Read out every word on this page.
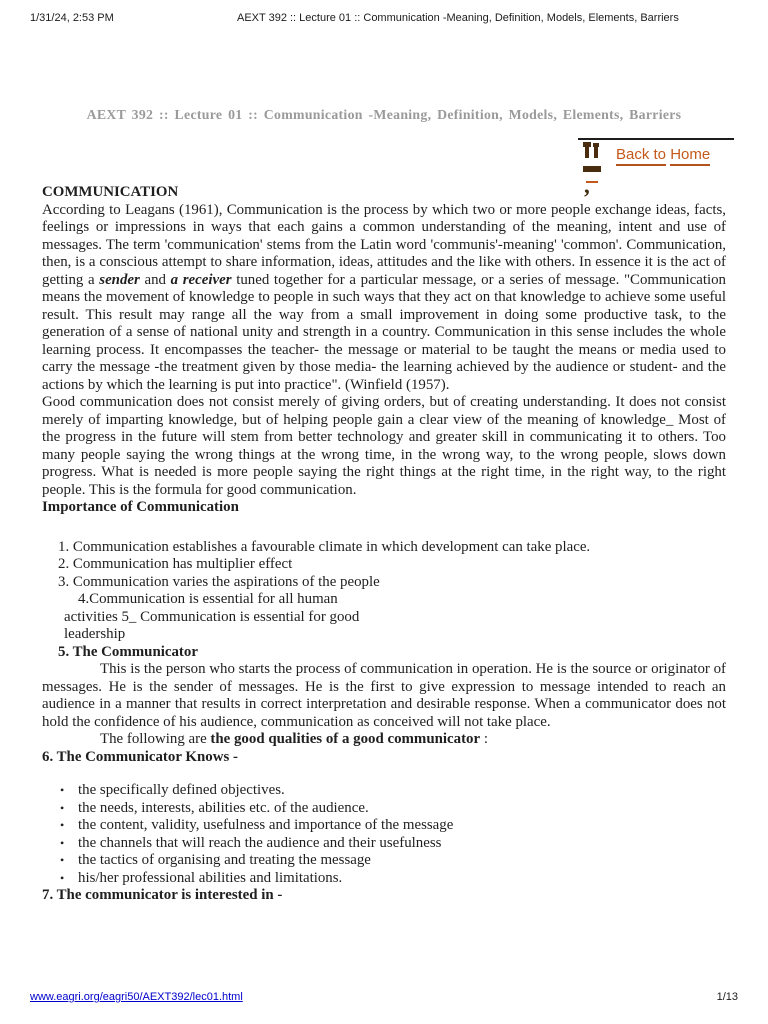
1/31/24, 2:53 PM	AEXT 392 :: Lecture 01 :: Communication -Meaning, Definition, Models, Elements, Barriers
AEXT 392 :: Lecture 01 :: Communication -Meaning, Definition, Models, Elements, Barriers
Back to Home
,

COMMUNICATION

According to Leagans (1961), Communication is the process by which two or more people exchange ideas, facts, feelings or impressions in ways that each gains a common understanding of the meaning, intent and use of messages. The term 'communication' stems from the Latin word 'communis'-meaning' 'common'. Communication, then, is a conscious attempt to share information, ideas, attitudes and the like with others. In essence it is the act of getting a sender and a receiver tuned together for a particular message, or a series of message. "Communication means the movement of knowledge to people in such ways that they act on that knowledge to achieve some useful result. This result may range all the way from a small improvement in doing some productive task, to the generation of a sense of national unity and strength in a country. Communication in this sense includes the whole learning process. It encompasses the teacher- the message or material to be taught the means or media used to carry the message -the treatment given by those media- the learning achieved by the audience or student- and the actions by which the learning is put into practice". (Winfield (1957).

Good communication does not consist merely of giving orders, but of creating understanding. It does not consist merely of imparting knowledge, but of helping people gain a clear view of the meaning of knowledge_ Most of the progress in the future will stem from better technology and greater skill in communicating it to others. Too many people saying the wrong things at the wrong time, in the wrong way, to the wrong people, slows down progress. What is needed is more people saying the right things at the right time, in the right way, to the right people. This is the formula for good communication.

Importance of Communication

1. Communication establishes a favourable climate in which development can take place.
2. Communication has multiplier effect
3. Communication varies the aspirations of the people
4.Communication is essential for all human
activities 5_ Communication is essential for good
leadership

5. The Communicator

This is the person who starts the process of communication in operation. He is the source or originator of messages. He is the sender of messages. He is the first to give expression to message intended to reach an audience in a manner that results in correct interpretation and desirable response. When a communicator does not hold the confidence of his audience, communication as conceived will not take place.

The following are the good qualities of a good communicator :

6. The Communicator Knows -

• the specifically defined objectives.
• the needs, interests, abilities etc. of the audience.
• the content, validity, usefulness and importance of the message
• the channels that will reach the audience and their usefulness
• the tactics of organising and treating the message
• his/her professional abilities and limitations.

7. The communicator is interested in -

www.eagri.org/eagri50/AEXT392/lec01.html	1/13
